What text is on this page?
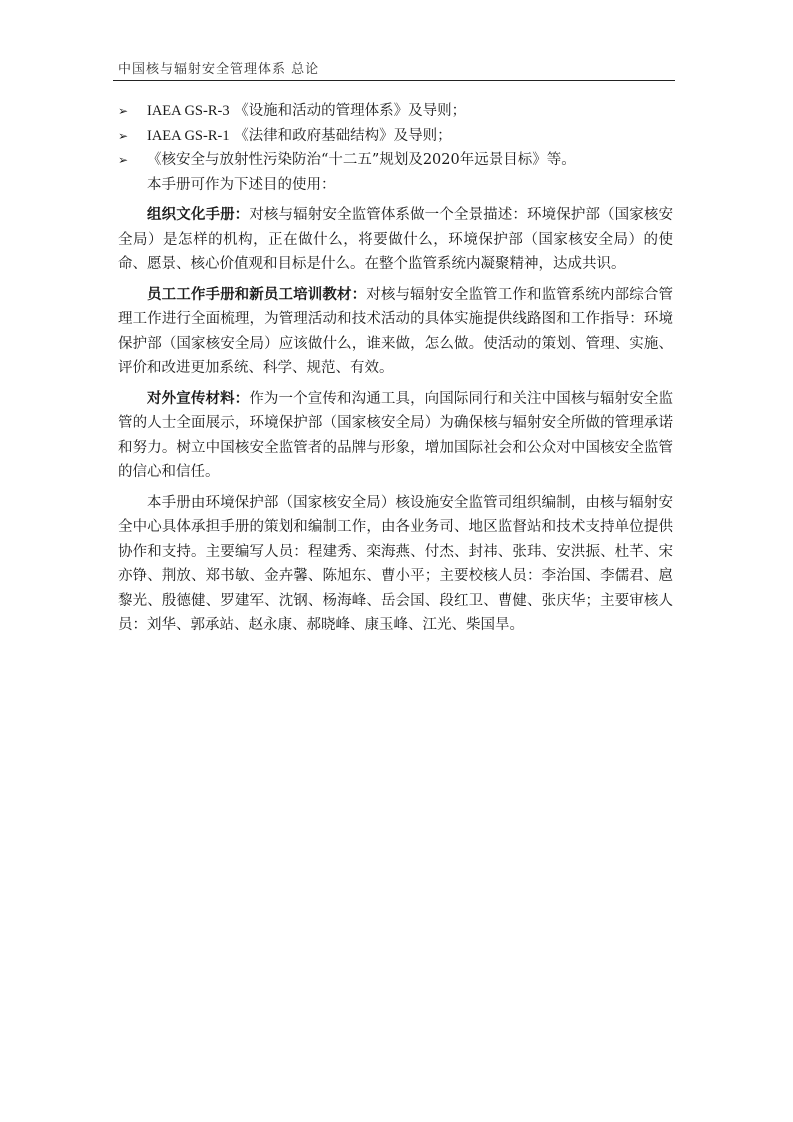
中国核与辐射安全管理体系 总论
➢ IAEA GS-R-3 《设施和活动的管理体系》及导则；
➢ IAEA GS-R-1 《法律和政府基础结构》及导则；
➢ 《核安全与放射性污染防治“十二五”规划及2020年远景目标》等。

本手册可作为下述目的使用：

组织文化手册：对核与辐射安全监管体系做一个全景描述：环境保护部（国家核安全局）是怎样的机构，正在做什么，将要做什么，环境保护部（国家核安全局）的使命、愿景、核心价值观和目标是什么。在整个监管系统内凝聚精神，达成共识。

员工工作手册和新员工培训教材：对核与辐射安全监管工作和监管系统内部综合管理工作进行全面梳理，为管理活动和技术活动的具体实施提供线路图和工作指导：环境保护部（国家核安全局）应该做什么，谁来做，怎么做。使活动的策划、管理、实施、评价和改进更加系统、科学、规范、有效。

对外宣传材料：作为一个宣传和沟通工具，向国际同行和关注中国核与辐射安全监管的人士全面展示，环境保护部（国家核安全局）为确保核与辐射安全所做的管理承诺和努力。树立中国核安全监管者的品牌与形象，增加国际社会和公众对中国核安全监管的信心和信任。

本手册由环境保护部（国家核安全局）核设施安全监管司组织编制，由核与辐射安全中心具体承担手册的策划和编制工作，由各业务司、地区监督站和技术支持单位提供协作和支持。主要编写人员：程建秀、栾海燕、付杰、封祎、张玮、安洪振、杜芊、宋亦铮、荆放、郑书敏、金卉馨、陈旭东、曹小平；主要校核人员：李治国、李儒君、扈黎光、殷德健、罗建军、沈钢、杨海峰、岳会国、段红卫、曹健、张庆华；主要审核人员：刘华、郭承站、赵永康、郝晓峰、康玉峰、江光、柴国旱。
